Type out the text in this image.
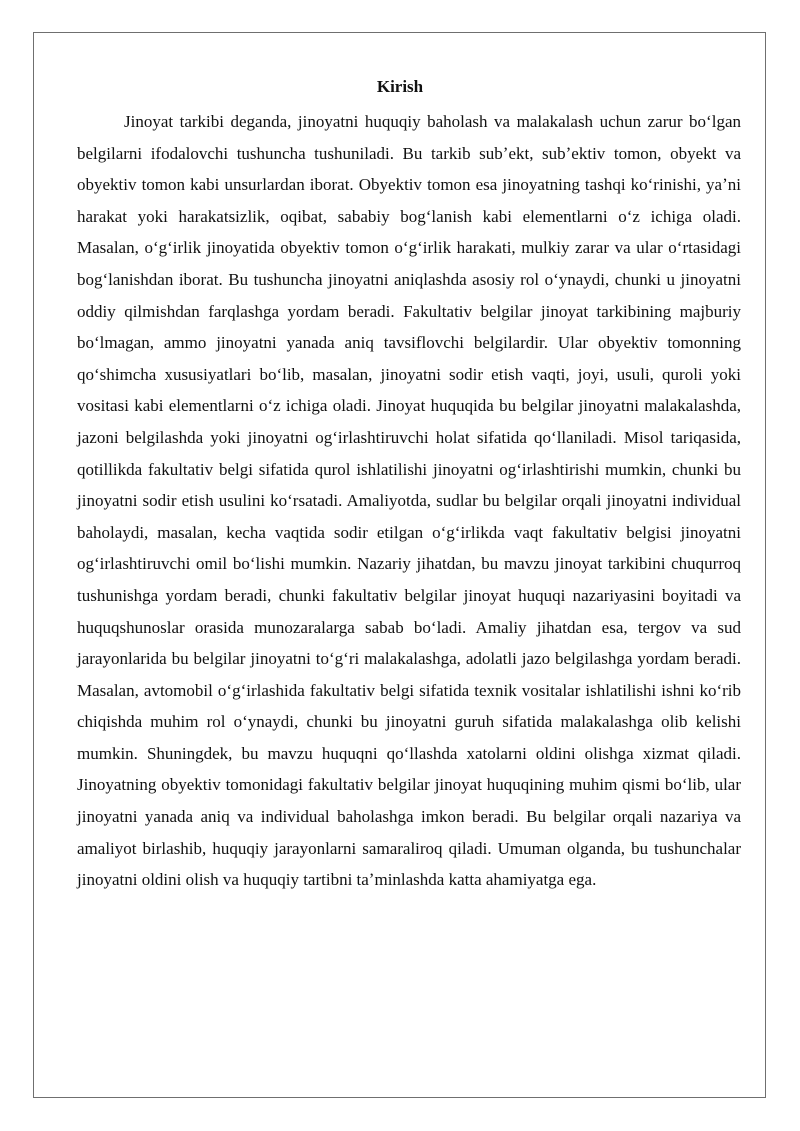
Kirish

Jinoyat tarkibi deganda, jinoyatni huquqiy baholash va malakalash uchun zarur boʻlgan belgilarni ifodalovchi tushuncha tushuniladi. Bu tarkib subʼekt, subʼektiv tomon, obyekt va obyektiv tomon kabi unsurlardan iborat. Obyektiv tomon esa jinoyatning tashqi koʻrinishi, yaʼni harakat yoki harakatsizlik, oqibat, sababiy bogʻlanish kabi elementlarni oʻz ichiga oladi. Masalan, oʻgʻirlik jinoyatida obyektiv tomon oʻgʻirlik harakati, mulkiy zarar va ular oʻrtasidagi bogʻlanishdan iborat. Bu tushuncha jinoyatni aniqlashda asosiy rol oʻynaydi, chunki u jinoyatni oddiy qilmishdan farqlashga yordam beradi. Fakultativ belgilar jinoyat tarkibining majburiy boʻlmagan, ammo jinoyatni yanada aniq tavsiflovchi belgilardir. Ular obyektiv tomonning qoʻshimcha xususiyatlari boʻlib, masalan, jinoyatni sodir etish vaqti, joyi, usuli, quroli yoki vositasi kabi elementlarni oʻz ichiga oladi. Jinoyat huquqida bu belgilar jinoyatni malakalashda, jazoni belgilashda yoki jinoyatni ogʻirlashtiruvchi holat sifatida qoʻllaniladi. Misol tariqasida, qotillikda fakultativ belgi sifatida qurol ishlatilishi jinoyatni ogʻirlashtirishi mumkin, chunki bu jinoyatni sodir etish usulini koʻrsatadi. Amaliyotda, sudlar bu belgilar orqali jinoyatni individual baholaydi, masalan, kecha vaqtida sodir etilgan oʻgʻirlikda vaqt fakultativ belgisi jinoyatni ogʻirlashtiruvchi omil boʻlishi mumkin. Nazariy jihatdan, bu mavzu jinoyat tarkibini chuqurroq tushunishga yordam beradi, chunki fakultativ belgilar jinoyat huquqi nazariyasini boyitadi va huquqshunoslar orasida munozaralarga sabab boʻladi. Amaliy jihatdan esa, tergov va sud jarayonlarida bu belgilar jinoyatni toʻgʻri malakalashga, adolatli jazo belgilashga yordam beradi. Masalan, avtomobil oʻgʻirlashida fakultativ belgi sifatida texnik vositalar ishlatilishi ishni koʻrib chiqishda muhim rol oʻynaydi, chunki bu jinoyatni guruh sifatida malakalashga olib kelishi mumkin. Shuningdek, bu mavzu huquqni qoʻllashda xatolarni oldini olishga xizmat qiladi. Jinoyatning obyektiv tomonidagi fakultativ belgilar jinoyat huquqining muhim qismi boʻlib, ular jinoyatni yanada aniq va individual baholashga imkon beradi. Bu belgilar orqali nazariya va amaliyot birlashib, huquqiy jarayonlarni samaraliroq qiladi. Umuman olganda, bu tushunchalar jinoyatni oldini olish va huquqiy tartibni taʼminlashda katta ahamiyatga ega.
